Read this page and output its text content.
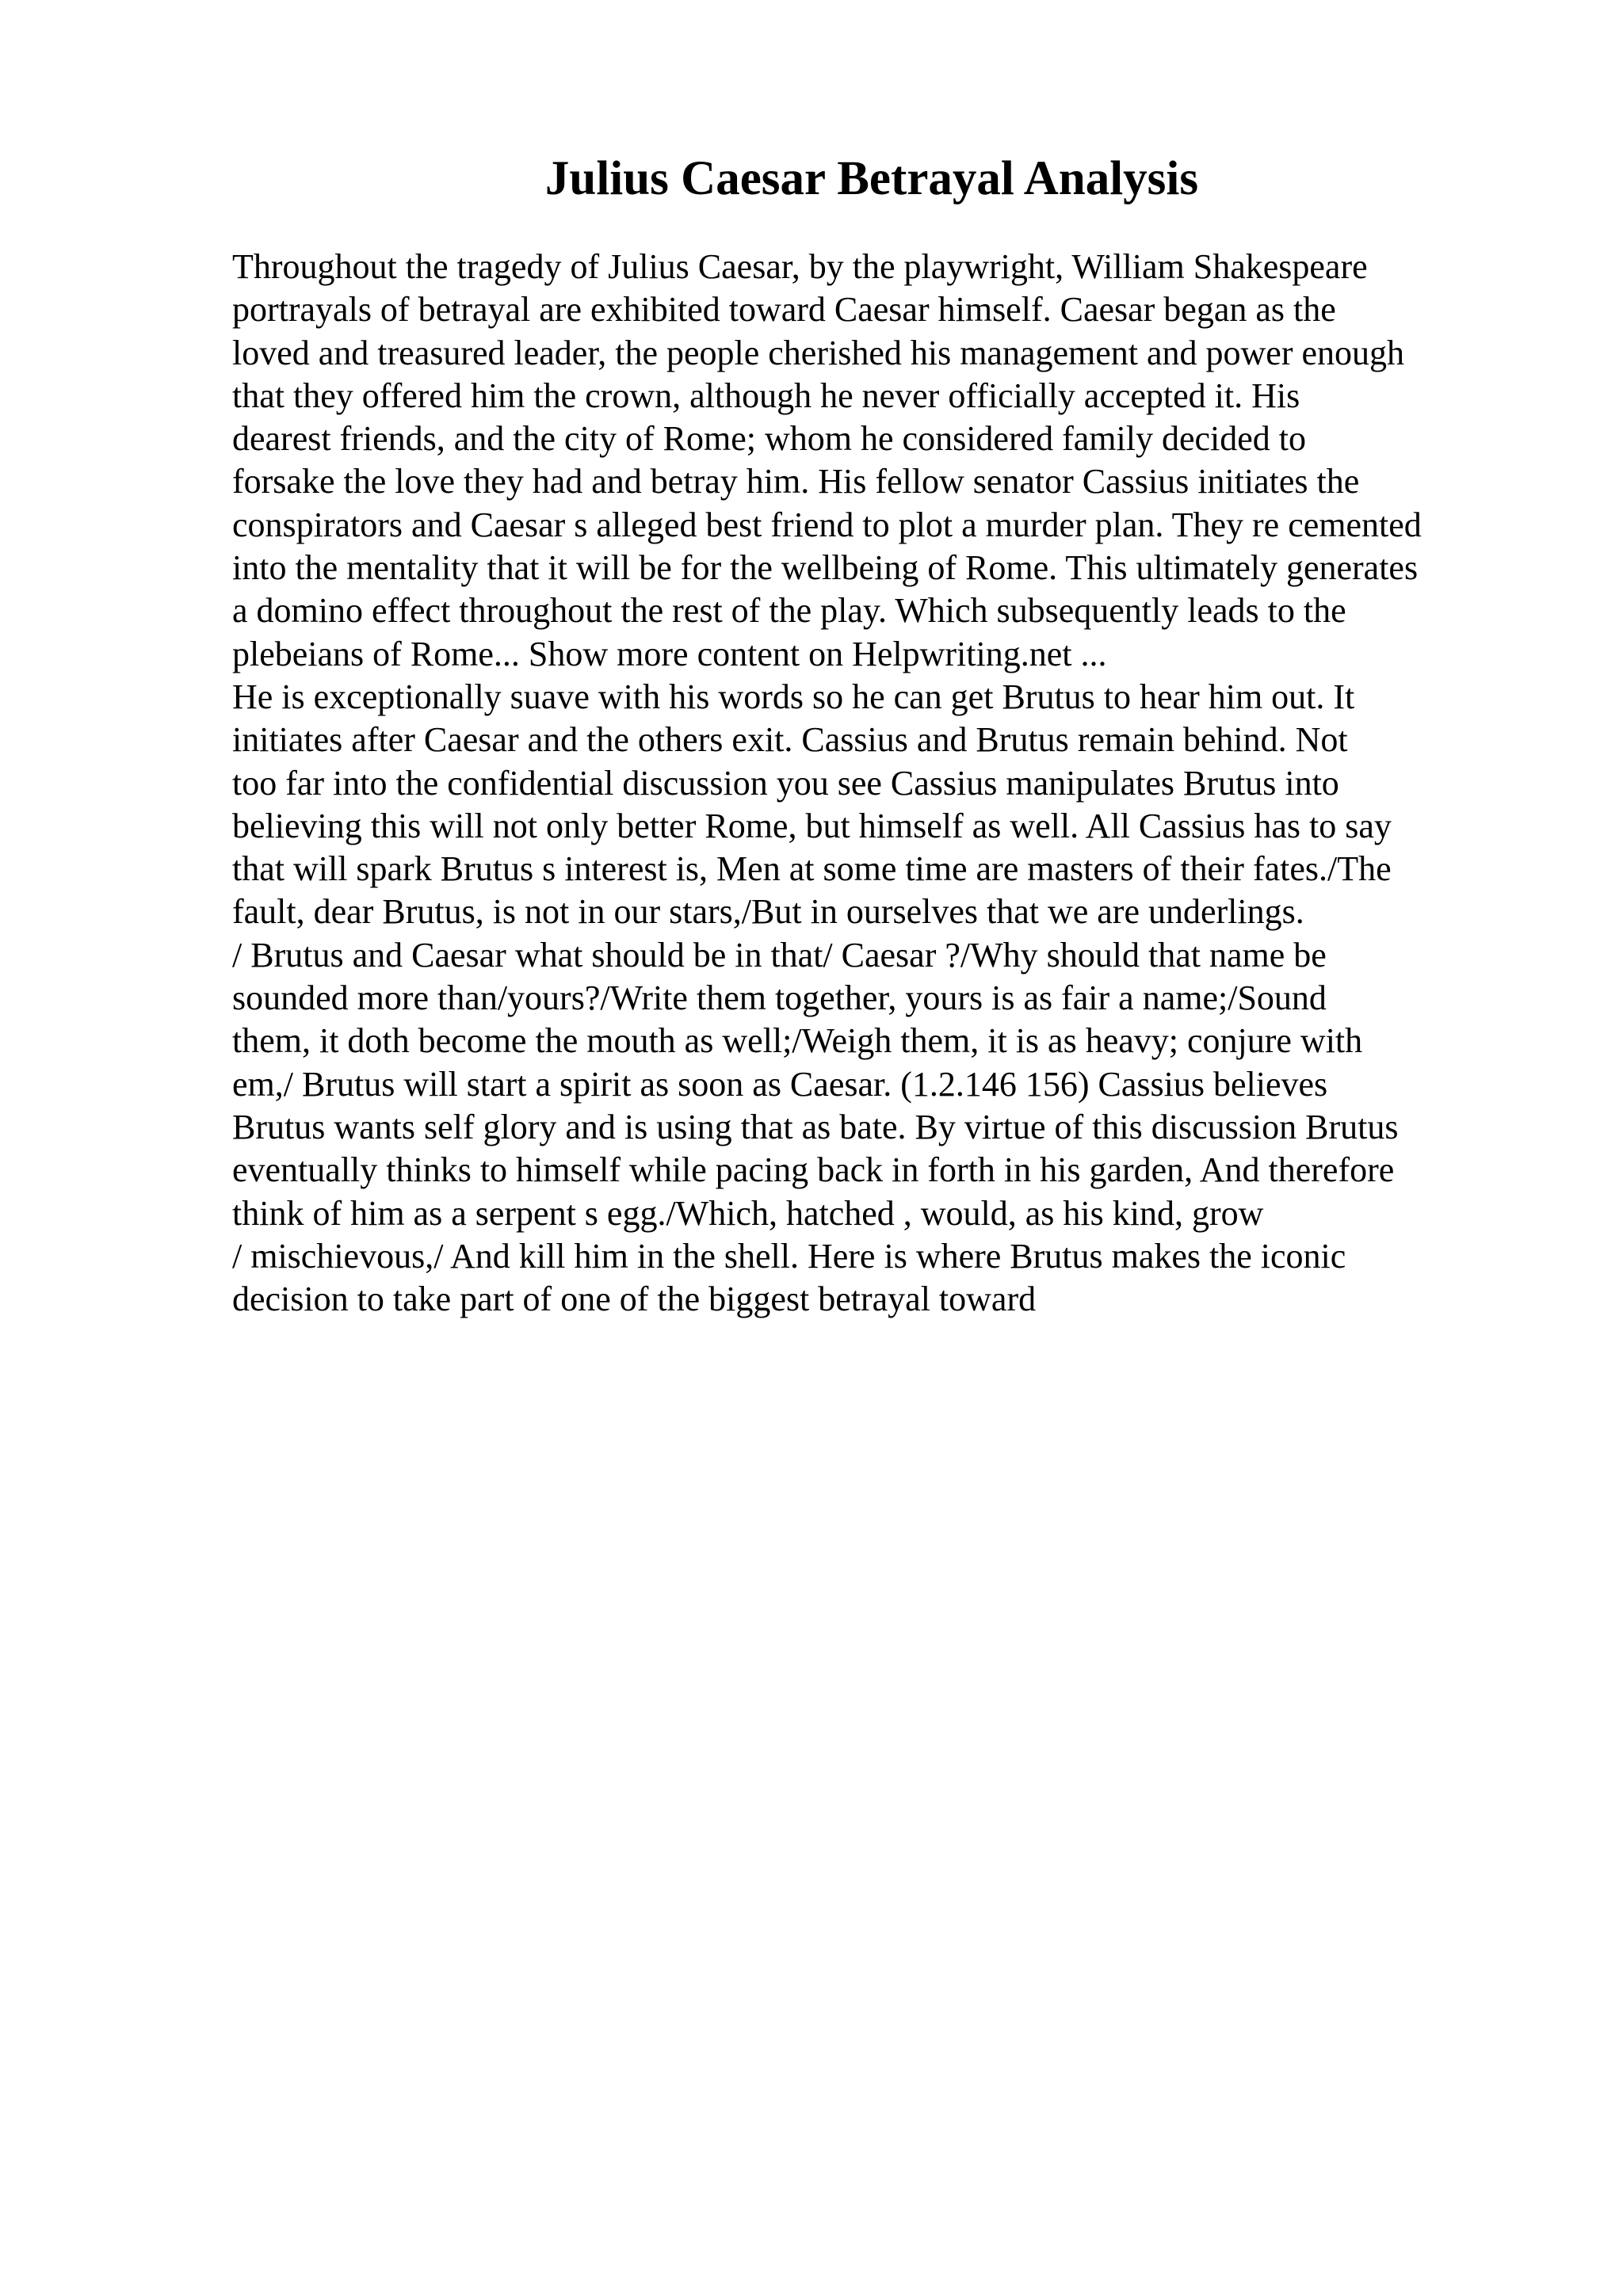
Julius Caesar Betrayal Analysis
Throughout the tragedy of Julius Caesar, by the playwright, William Shakespeare
portrayals of betrayal are exhibited toward Caesar himself. Caesar began as the
loved and treasured leader, the people cherished his management and power enough
that they offered him the crown, although he never officially accepted it. His
dearest friends, and the city of Rome; whom he considered family decided to
forsake the love they had and betray him. His fellow senator Cassius initiates the
conspirators and Caesar s alleged best friend to plot a murder plan. They re cemented
into the mentality that it will be for the wellbeing of Rome. This ultimately generates
a domino effect throughout the rest of the play. Which subsequently leads to the
plebeians of Rome... Show more content on Helpwriting.net ...
He is exceptionally suave with his words so he can get Brutus to hear him out. It
initiates after Caesar and the others exit. Cassius and Brutus remain behind. Not
too far into the confidential discussion you see Cassius manipulates Brutus into
believing this will not only better Rome, but himself as well. All Cassius has to say
that will spark Brutus s interest is, Men at some time are masters of their fates./The
fault, dear Brutus, is not in our stars,/But in ourselves that we are underlings.
/ Brutus and Caesar what should be in that/ Caesar ?/Why should that name be
sounded more than/yours?/Write them together, yours is as fair a name;/Sound
them, it doth become the mouth as well;/Weigh them, it is as heavy; conjure with
em,/ Brutus will start a spirit as soon as Caesar. (1.2.146 156) Cassius believes
Brutus wants self glory and is using that as bate. By virtue of this discussion Brutus
eventually thinks to himself while pacing back in forth in his garden, And therefore
think of him as a serpent s egg./Which, hatched , would, as his kind, grow
/ mischievous,/ And kill him in the shell. Here is where Brutus makes the iconic
decision to take part of one of the biggest betrayal toward
